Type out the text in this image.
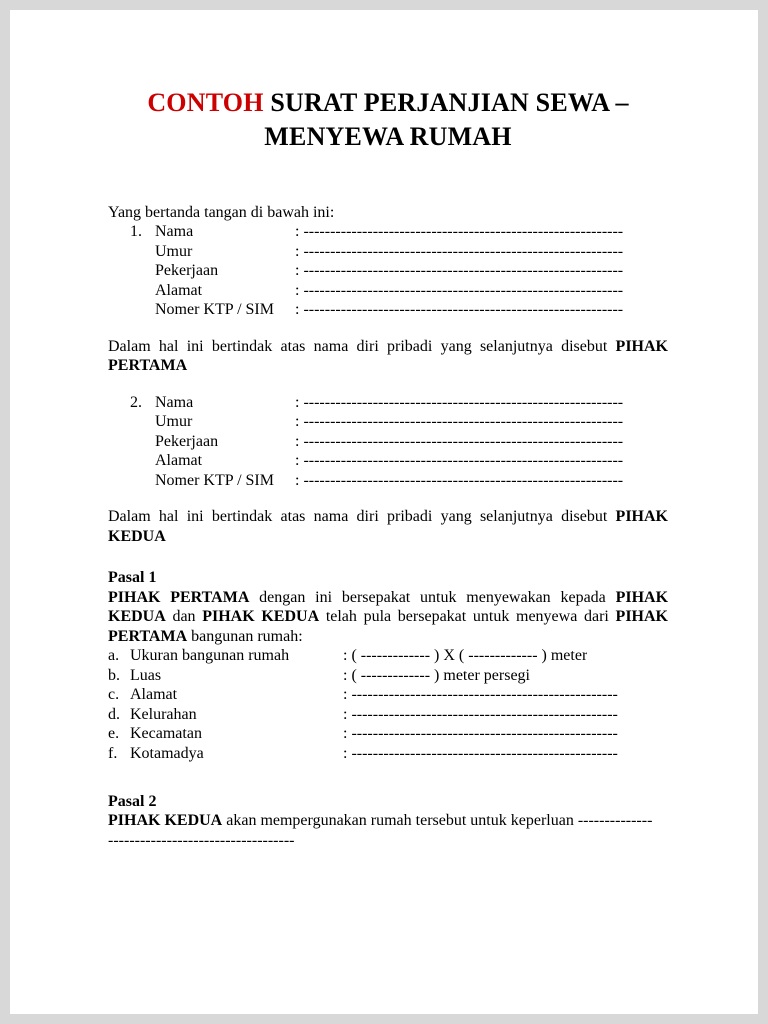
CONTOH SURAT PERJANJIAN SEWA –
MENYEWA RUMAH

Yang bertanda tangan di bawah ini:

1. Nama	: ------------------------------------------------------------
Umur	: ------------------------------------------------------------
Pekerjaan	: ------------------------------------------------------------
Alamat	: ------------------------------------------------------------
Nomer KTP / SIM	: ------------------------------------------------------------

Dalam hal ini bertindak atas nama diri pribadi yang selanjutnya disebut PIHAK PERTAMA

2. Nama	: ------------------------------------------------------------
Umur	: ------------------------------------------------------------
Pekerjaan	: ------------------------------------------------------------
Alamat	: ------------------------------------------------------------
Nomer KTP / SIM	: ------------------------------------------------------------

Dalam hal ini bertindak atas nama diri pribadi yang selanjutnya disebut PIHAK KEDUA

Pasal 1

PIHAK PERTAMA dengan ini bersepakat untuk menyewakan kepada PIHAK KEDUA dan PIHAK KEDUA telah pula bersepakat untuk menyewa dari PIHAK PERTAMA bangunan rumah:

a. Ukuran bangunan rumah	: ( ------------- ) X ( ------------- ) meter
b. Luas	: ( ------------- ) meter persegi
c. Alamat	: --------------------------------------------------
d. Kelurahan	: --------------------------------------------------
e. Kecamatan	: --------------------------------------------------
f. Kotamadya	: --------------------------------------------------

Pasal 2

PIHAK KEDUA akan mempergunakan rumah tersebut untuk keperluan --------------
-----------------------------------
